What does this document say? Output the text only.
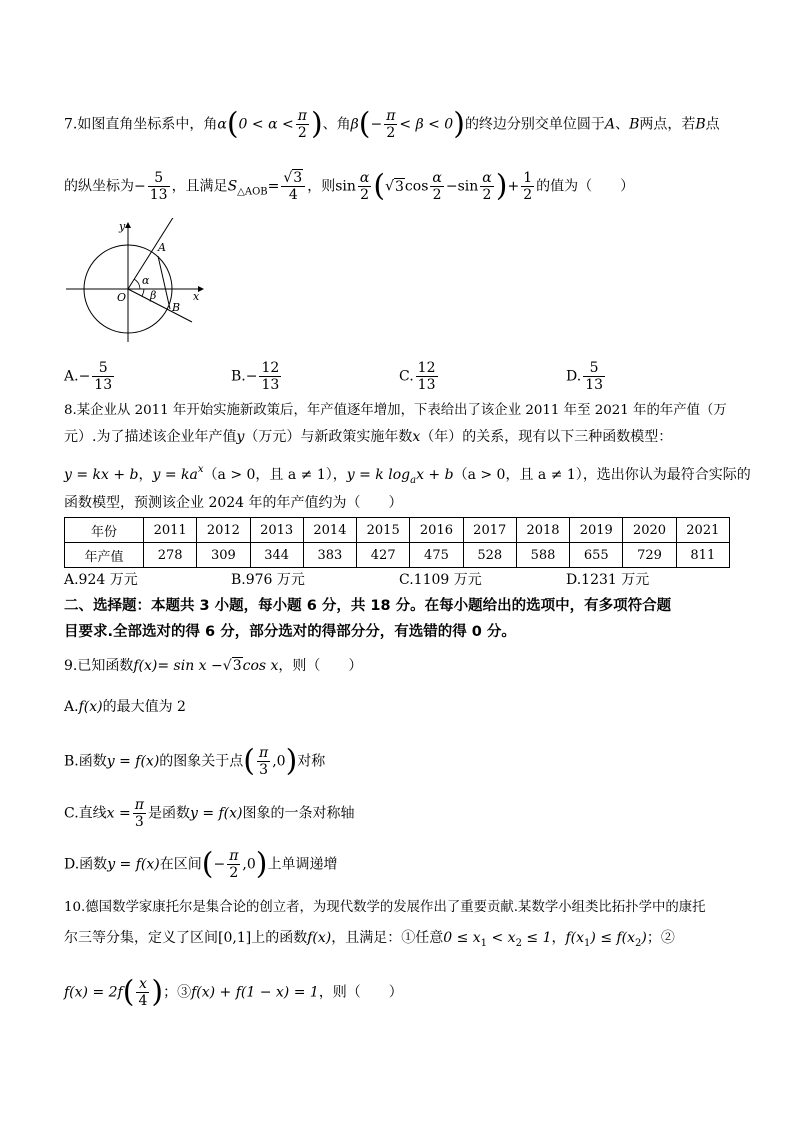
7.如图直角坐标系中，角$\alpha(0 < \alpha < \frac{\pi}{2}$ )、角$\beta(- \frac{\pi}{2} < \beta < 0)$的终边分别交单位圆于A、B两点，若B点
的纵坐标为− $\frac{5}{13}$ ，且满足$S_{\triangle AOB}= \frac{√3}{4}$ ，则$\sin \frac{\alpha}{2} (√3\cos \frac{\alpha}{2} -\sin \frac{\alpha}{2}$ )+ $\frac{1}{2}$ 的值为（　　）
y
x
O
A
B
α
β
$A.- \frac{5}{13}$	$B.- \frac{12}{13}$	C. $\frac{12}{13}$	D. $\frac{5}{13}$
8.某企业从 2011 年开始实施新政策后，年产值逐年增加，下表给出了该企业 2011 年至 2021 年的年产值（万
元）.为了描述该企业年产值y（万元）与新政策实施年数x（年）的关系，现有以下三种函数模型：
y = kx + b，$y = ka^x(a > 0$，且 a ≠ 1），y = k $\log_ax + b(a > 0$，且 a ≠ 1），选出你认为最符合实际的
函数模型，预测该企业 2024 年的年产值约为（　　）
年份	2011	2012	2013	2014	2015	2016	2017	2018	2019	2020	2021
年产值	278	309	344	383	427	475	528	588	655	729	811
A.924 万元	B.976 万元	C.1109 万元	D.1231 万元
二、选择题：本题共 3 小题，每小题 6 分，共 18 分。在每小题给出的选项中，有多项符合题
目要求.全部选对的得 6 分，部分选对的得部分分，有选错的得 0 分。
9.已知函数f(x)= sin x −√3cos x，则（　　）
A.f(x)的最大值为 2
B.函数y = f(x)的图象关于点( $\frac{\pi}{3} ,0$)对称
C.直线$x = \frac{\pi}{3}$ 是函数y = f(x)图象的一条对称轴
D.函数y = f(x)在区间(− $\frac{\pi}{2} ,0$)上单调递增
10.德国数学家康托尔是集合论的创立者，为现代数学的发展作出了重要贡献.某数学小组类比拓扑学中的康托
尔三等分集，定义了区间[0,1]上的函数f(x)，且满足：①任意$0 \le x_1 < x_2 \le 1$，$f(x_1) \le f(x_2)$；②
$f(x) = 2f( \frac{x}{4}$ )；③f(x) + f(1 − x) = 1，则（　　）
